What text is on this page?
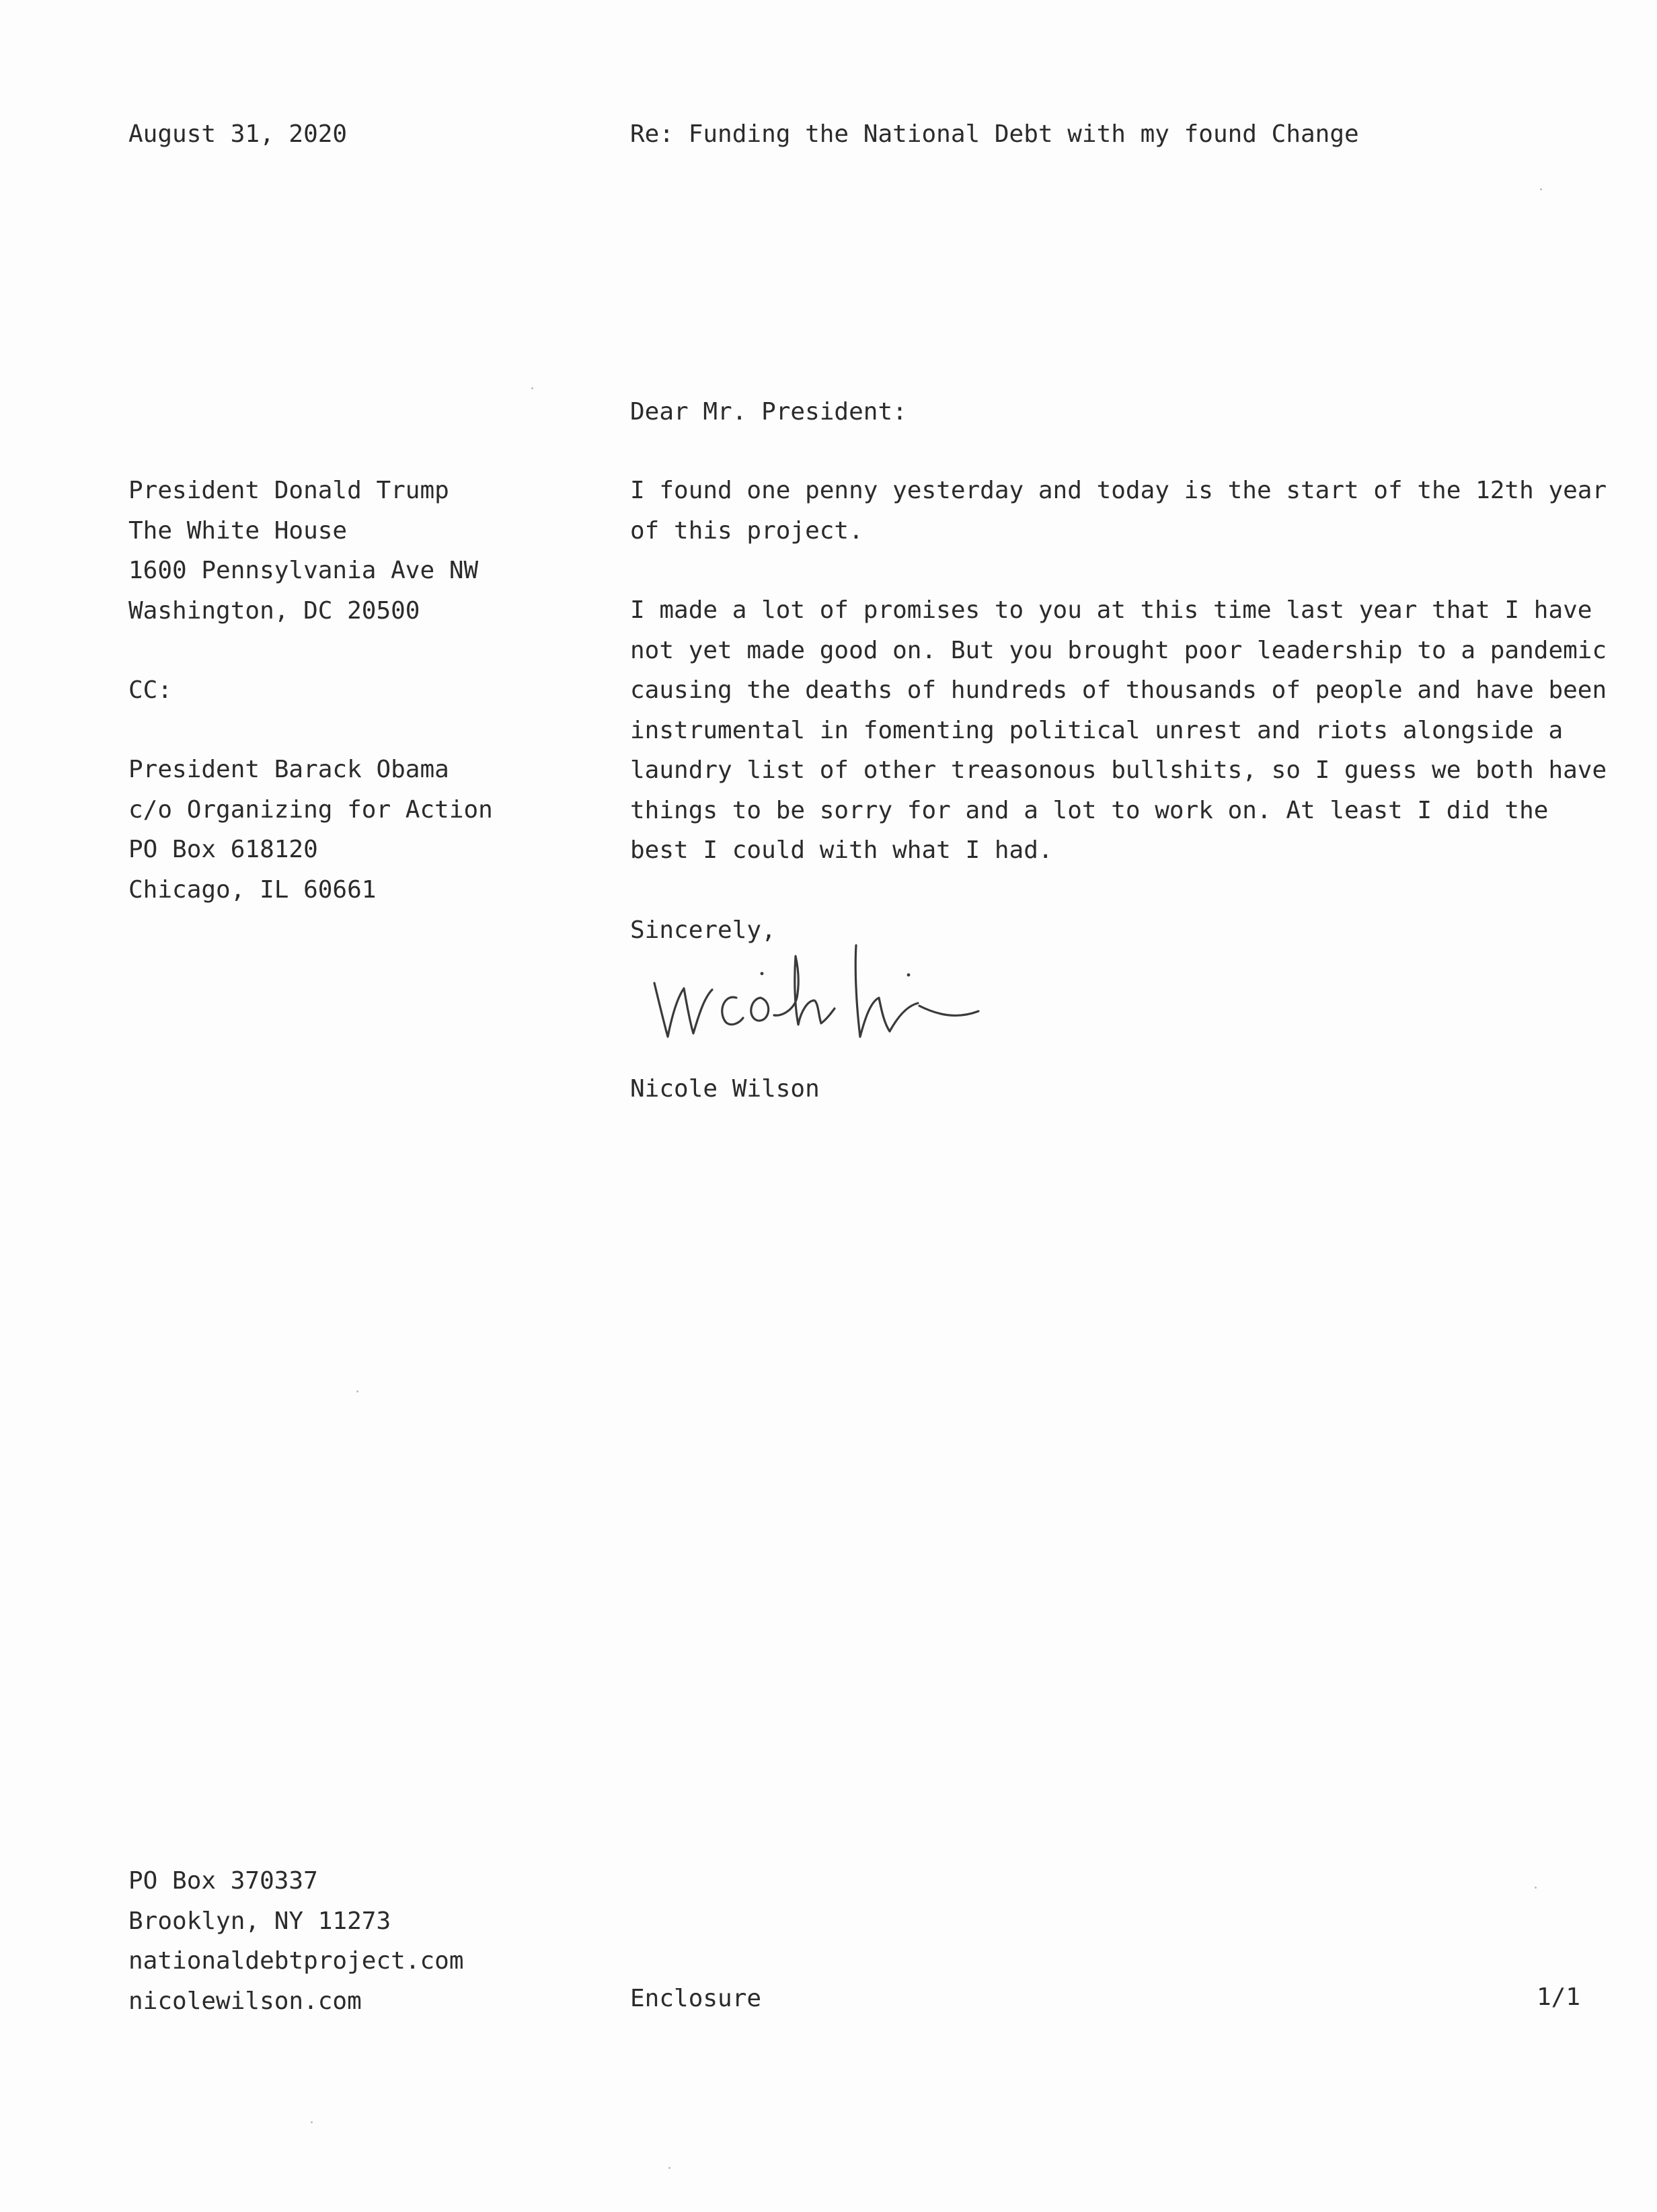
August 31, 2020	Re: Funding the National Debt with my found Change
Dear Mr. President:
President Donald Trump
The White House
1600 Pennsylvania Ave NW
Washington, DC 20500
CC:
President Barack Obama
c/o Organizing for Action
PO Box 618120
Chicago, IL 60661
I found one penny yesterday and today is the start of the 12th year
of this project.
I made a lot of promises to you at this time last year that I have
not yet made good on. But you brought poor leadership to a pandemic
causing the deaths of hundreds of thousands of people and have been
instrumental in fomenting political unrest and riots alongside a
laundry list of other treasonous bullshits, so I guess we both have
things to be sorry for and a lot to work on. At least I did the
best I could with what I had.
Sincerely,
Nicole Wilson
PO Box 370337
Brooklyn, NY 11273
nationaldebtproject.com
nicolewilson.com	Enclosure	1/1
